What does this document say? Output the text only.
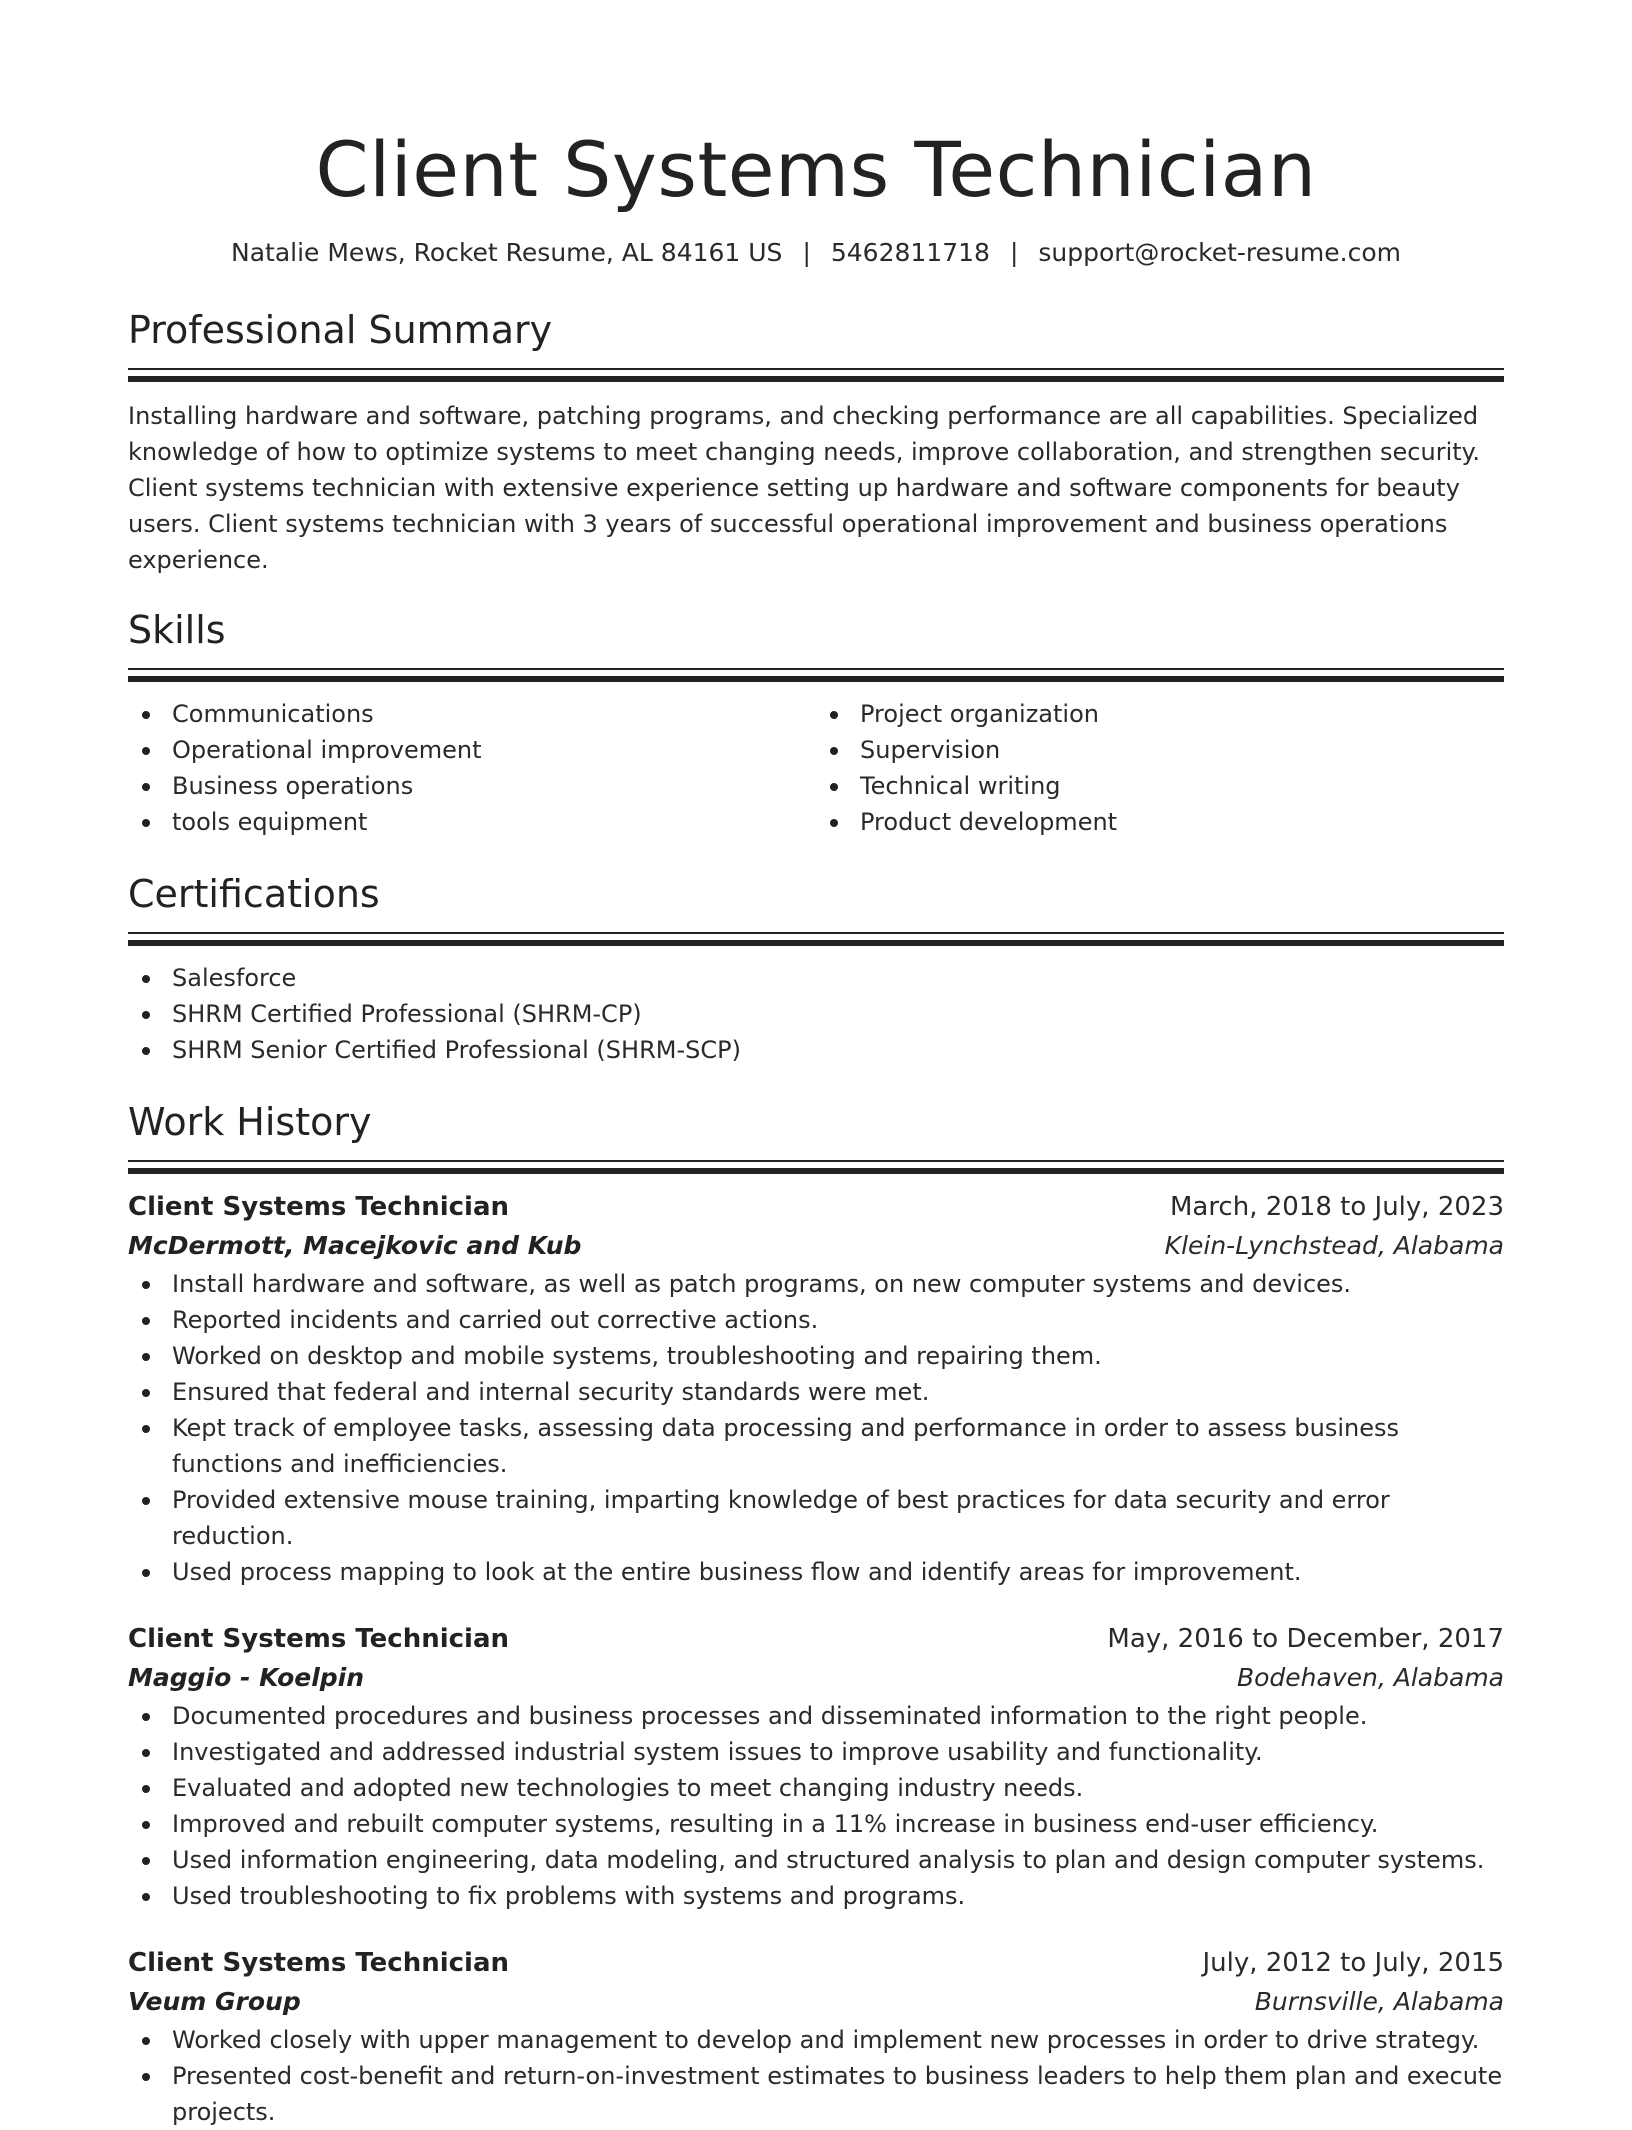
Client Systems Technician
Natalie Mews, Rocket Resume, AL 84161 US | 5462811718 | support@rocket-resume.com
Professional Summary

Installing hardware and software, patching programs, and checking performance are all capabilities. Specialized knowledge of how to optimize systems to meet changing needs, improve collaboration, and strengthen security. Client systems technician with extensive experience setting up hardware and software components for beauty users. Client systems technician with 3 years of successful operational improvement and business operations experience.

Skills
Communications
Operational improvement
Business operations
tools equipment
Project organization
Supervision
Technical writing
Product development
Certifications
Salesforce
SHRM Certified Professional (SHRM-CP)
SHRM Senior Certified Professional (SHRM-SCP)
Work History
Client Systems Technician	March, 2018 to July, 2023
McDermott, Macejkovic and Kub	Klein-Lynchstead, Alabama
Install hardware and software, as well as patch programs, on new computer systems and devices.
Reported incidents and carried out corrective actions.
Worked on desktop and mobile systems, troubleshooting and repairing them.
Ensured that federal and internal security standards were met.
Kept track of employee tasks, assessing data processing and performance in order to assess business functions and inefficiencies.
Provided extensive mouse training, imparting knowledge of best practices for data security and error reduction.
Used process mapping to look at the entire business flow and identify areas for improvement.
Client Systems Technician	May, 2016 to December, 2017
Maggio - Koelpin	Bodehaven, Alabama
Documented procedures and business processes and disseminated information to the right people.
Investigated and addressed industrial system issues to improve usability and functionality.
Evaluated and adopted new technologies to meet changing industry needs.
Improved and rebuilt computer systems, resulting in a 11% increase in business end-user efficiency.
Used information engineering, data modeling, and structured analysis to plan and design computer systems.
Used troubleshooting to fix problems with systems and programs.
Client Systems Technician	July, 2012 to July, 2015
Veum Group	Burnsville, Alabama
Worked closely with upper management to develop and implement new processes in order to drive strategy.
Presented cost-benefit and return-on-investment estimates to business leaders to help them plan and execute projects.
